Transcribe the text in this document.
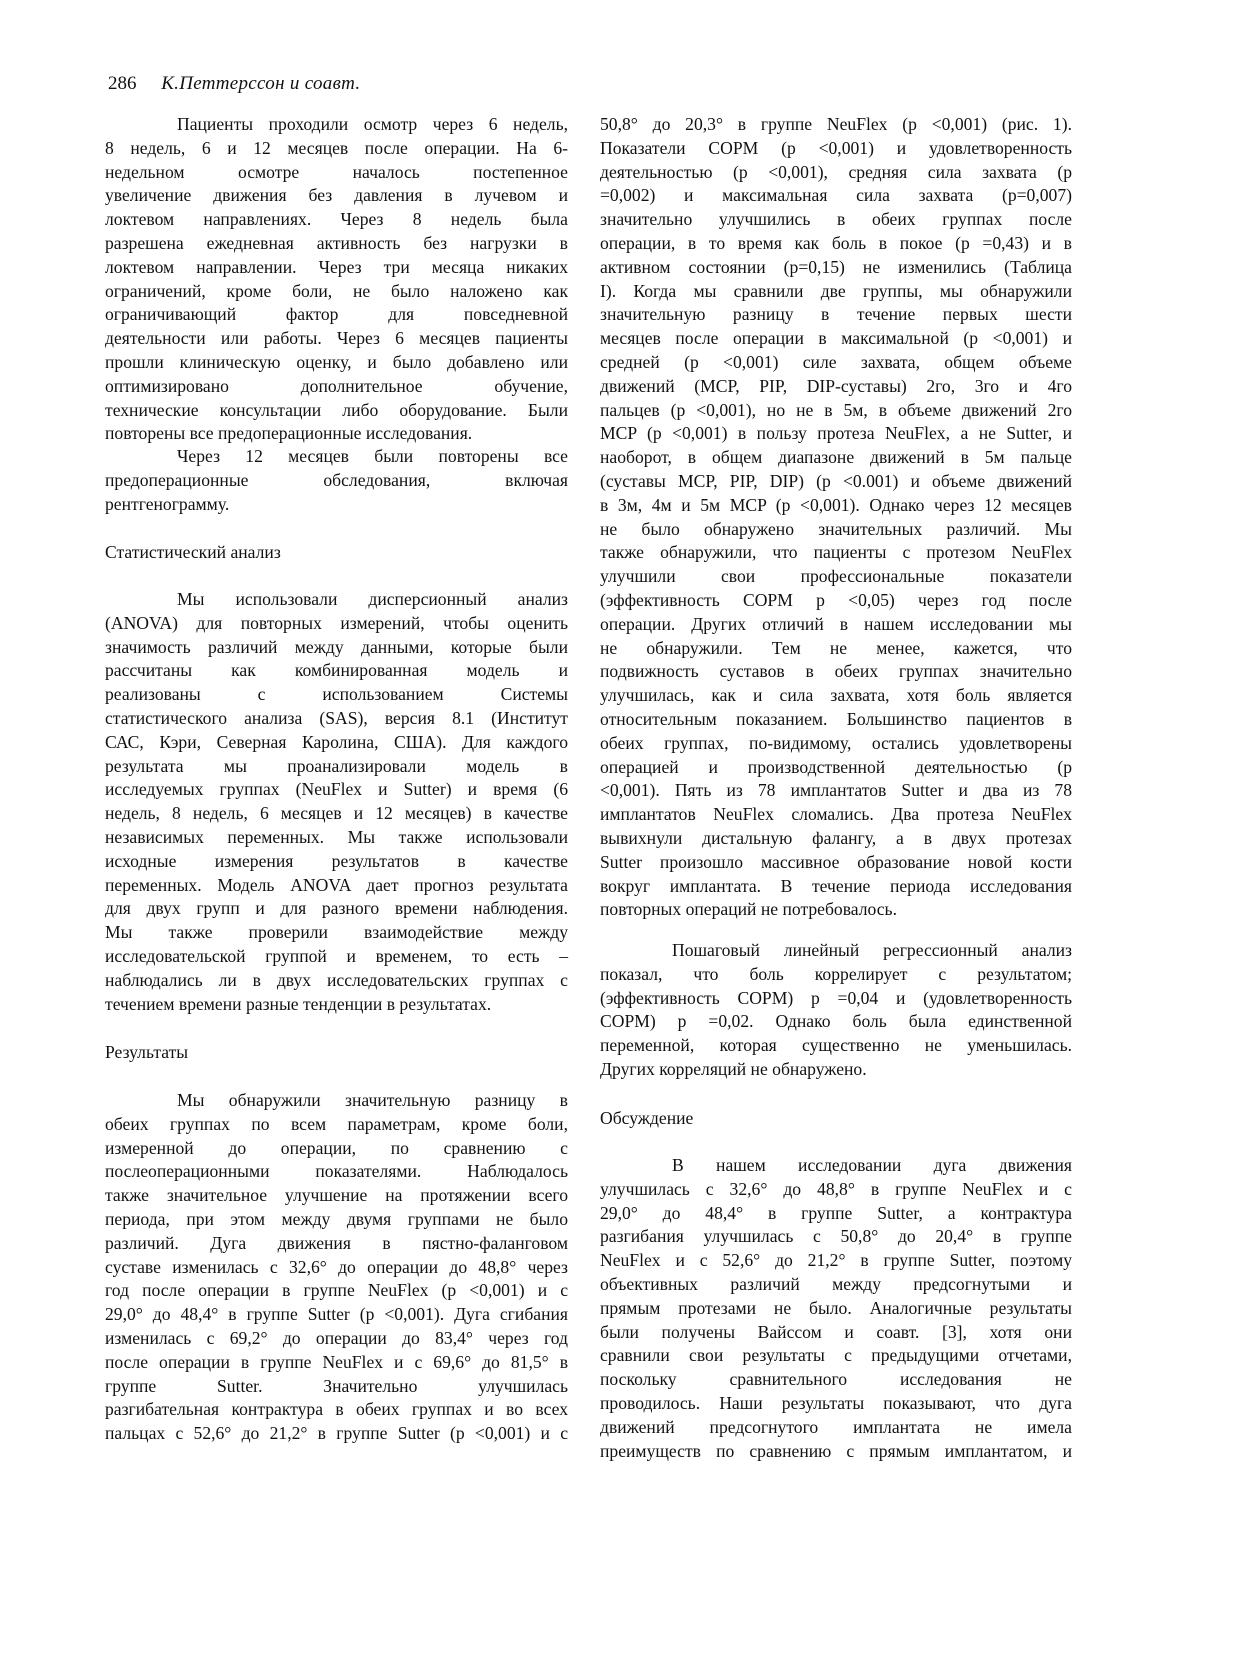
286 К.Петтерссон и соавт.
Пациенты проходили осмотр через 6 недель,
8 недель, 6 и 12 месяцев после операции. На 6-
недельном осмотре началось постепенное
увеличение движения без давления в лучевом и
локтевом направлениях. Через 8 недель была
разрешена ежедневная активность без нагрузки в
локтевом направлении. Через три месяца никаких
ограничений, кроме боли, не было наложено как
ограничивающий фактор для повседневной
деятельности или работы. Через 6 месяцев пациенты
прошли клиническую оценку, и было добавлено или
оптимизировано дополнительное обучение,
технические консультации либо оборудование. Были
повторены все предоперационные исследования.
Через 12 месяцев были повторены все
предоперационные обследования, включая
рентгенограмму.
Статистический анализ
Мы использовали дисперсионный анализ
(ANOVA) для повторных измерений, чтобы оценить
значимость различий между данными, которые были
рассчитаны как комбинированная модель и
реализованы с использованием Системы
статистического анализа (SAS), версия 8.1 (Институт
САС, Кэри, Северная Каролина, США). Для каждого
результата мы проанализировали модель в
исследуемых группах (NeuFlex и Sutter) и время (6
недель, 8 недель, 6 месяцев и 12 месяцев) в качестве
независимых переменных. Мы также использовали
исходные измерения результатов в качестве
переменных. Модель ANOVA дает прогноз результата
для двух групп и для разного времени наблюдения.
Мы также проверили взаимодействие между
исследовательской группой и временем, то есть –
наблюдались ли в двух исследовательских группах с
течением времени разные тенденции в результатах.
Результаты
Мы обнаружили значительную разницу в
обеих группах по всем параметрам, кроме боли,
измеренной до операции, по сравнению с
послеоперационными показателями. Наблюдалось
также значительное улучшение на протяжении всего
периода, при этом между двумя группами не было
различий. Дуга движения в пястно-фаланговом
суставе изменилась с 32,6° до операции до 48,8° через
год после операции в группе NeuFlex (p <0,001) и с
29,0° до 48,4° в группе Sutter (p <0,001). Дуга сгибания
изменилась с 69,2° до операции до 83,4° через год
после операции в группе NeuFlex и с 69,6° до 81,5° в
группе Sutter. Значительно улучшилась
разгибательная контрактура в обеих группах и во всех
пальцах с 52,6° до 21,2° в группе Sutter (p <0,001) и с
50,8° до 20,3° в группе NeuFlex (p <0,001) (рис. 1).
Показатели COPM (p <0,001) и удовлетворенность
деятельностью (p <0,001), средняя сила захвата (p
=0,002) и максимальная сила захвата (p=0,007)
значительно улучшились в обеих группах после
операции, в то время как боль в покое (p =0,43) и в
активном состоянии (p=0,15) не изменились (Таблица
I). Когда мы сравнили две группы, мы обнаружили
значительную разницу в течение первых шести
месяцев после операции в максимальной (p <0,001) и
средней (p <0,001) силе захвата, общем объеме
движений (MCP, PIP, DIP-суставы) 2го, 3го и 4го
пальцев (p <0,001), но не в 5м, в объеме движений 2го
MCP (p <0,001) в пользу протеза NeuFlex, а не Sutter, и
наоборот, в общем диапазоне движений в 5м пальце
(суставы MCP, PIP, DIP) (p <0.001) и объеме движений
в 3м, 4м и 5м MCP (p <0,001). Однако через 12 месяцев
не было обнаружено значительных различий. Мы
также обнаружили, что пациенты с протезом NeuFlex
улучшили свои профессиональные показатели
(эффективность COPM p <0,05) через год после
операции. Других отличий в нашем исследовании мы
не обнаружили. Тем не менее, кажется, что
подвижность суставов в обеих группах значительно
улучшилась, как и сила захвата, хотя боль является
относительным показанием. Большинство пациентов в
обеих группах, по-видимому, остались удовлетворены
операцией и производственной деятельностью (p
<0,001). Пять из 78 имплантатов Sutter и два из 78
имплантатов NeuFlex сломались. Два протеза NeuFlex
вывихнули дистальную фалангу, а в двух протезах
Sutter произошло массивное образование новой кости
вокруг имплантата. В течение периода исследования
повторных операций не потребовалось.
Пошаговый линейный регрессионный анализ
показал, что боль коррелирует с результатом;
(эффективность COPM) p =0,04 и (удовлетворенность
COPM) p =0,02. Однако боль была единственной
переменной, которая существенно не уменьшилась.
Других корреляций не обнаружено.
Обсуждение
В нашем исследовании дуга движения
улучшилась с 32,6° до 48,8° в группе NeuFlex и с
29,0° до 48,4° в группе Sutter, а контрактура
разгибания улучшилась с 50,8° до 20,4° в группе
NeuFlex и с 52,6° до 21,2° в группе Sutter, поэтому
объективных различий между предсогнутыми и
прямым протезами не было. Аналогичные результаты
были получены Вайссом и соавт. [3], хотя они
сравнили свои результаты с предыдущими отчетами,
поскольку сравнительного исследования не
проводилось. Наши результаты показывают, что дуга
движений предсогнутого имплантата не имела
преимуществ по сравнению с прямым имплантатом, и
